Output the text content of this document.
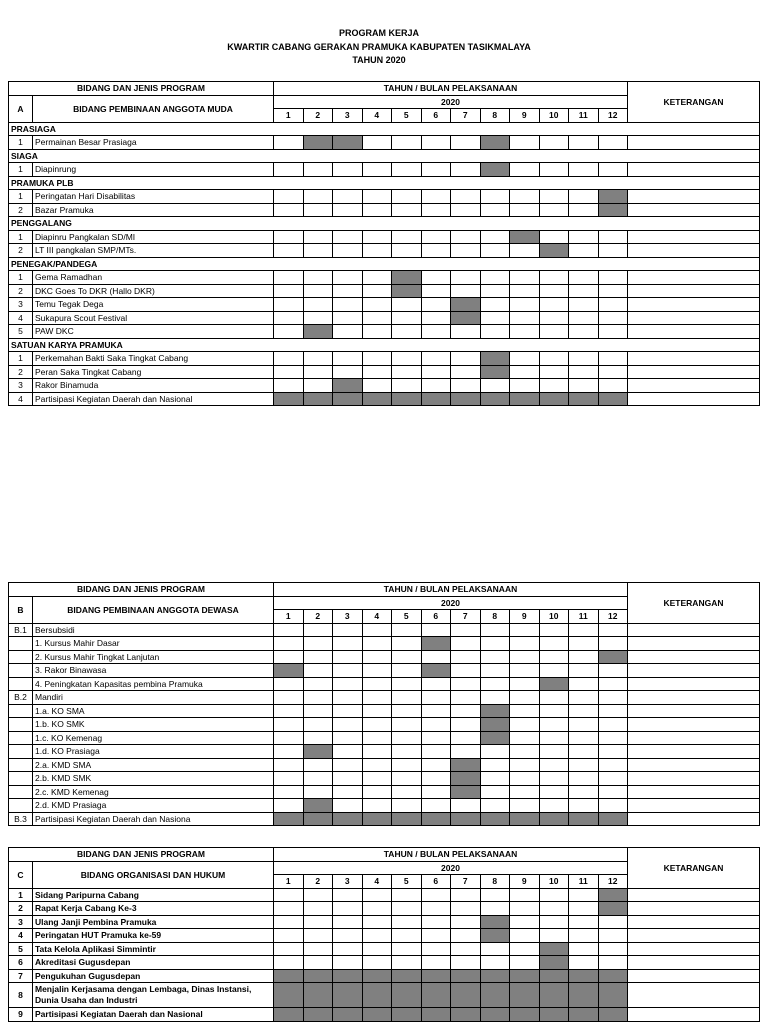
PROGRAM KERJA
KWARTIR CABANG GERAKAN PRAMUKA KABUPATEN TASIKMALAYA
TAHUN 2020
BIDANG DAN JENIS PROGRAM		TAHUN / BULAN PELAKSANAAN												KETERANGAN
A	BIDANG PEMBINAAN ANGGOTA MUDA	2020												
		1	2	3	4	5	6	7	8	9	10	11	12	
PRASIAGA														
1	Permainan Besar Prasiaga													
SIAGA														
1	Diapinrung													
PRAMUKA PLB														
1	Peringatan Hari Disabilitas													
2	Bazar Pramuka													
PENGGALANG														
1	Diapinru Pangkalan SD/MI													
2	LT III pangkalan SMP/MTs.													
PENEGAK/PANDEGA														
1	Gema Ramadhan													
2	DKC Goes To DKR (Hallo DKR)													
3	Temu Tegak Dega													
4	Sukapura Scout Festival													
5	PAW DKC													
SATUAN KARYA PRAMUKA														
1	Perkemahan Bakti Saka Tingkat Cabang													
2	Peran Saka Tingkat Cabang													
3	Rakor Binamuda													
4	Partisipasi Kegiatan Daerah dan Nasional													
BIDANG DAN JENIS PROGRAM		TAHUN / BULAN PELAKSANAAN												KETERANGAN
B	BIDANG PEMBINAAN ANGGOTA DEWASA	2020												
		1	2	3	4	5	6	7	8	9	10	11	12	
B.1	Bersubsidi													
	1. Kursus Mahir Dasar													
	2. Kursus Mahir Tingkat Lanjutan													
	3. Rakor Binawasa													
	4. Peningkatan Kapasitas pembina Pramuka													
B.2	Mandiri													
	1.a. KO SMA													
	1.b. KO SMK													
	1.c. KO Kemenag													
	1.d. KO Prasiaga													
	2.a. KMD SMA													
	2.b. KMD SMK													
	2.c. KMD Kemenag													
	2.d. KMD Prasiaga													
B.3	Partisipasi Kegiatan Daerah dan Nasiona													
BIDANG DAN JENIS PROGRAM		TAHUN / BULAN PELAKSANAAN												KETARANGAN
C	BIDANG ORGANISASI DAN HUKUM	2020												
		1	2	3	4	5	6	7	8	9	10	11	12	
1	Sidang Paripurna Cabang													
2	Rapat Kerja Cabang Ke-3													
3	Ulang Janji Pembina Pramuka													
4	Peringatan HUT Pramuka ke-59													
5	Tata Kelola Aplikasi Simmintir													
6	Akreditasi Gugusdepan													
7	Pengukuhan Gugusdepan													
8	Menjalin Kerjasama dengan Lembaga, Dinas Instansi, Dunia Usaha dan Industri													
9	Partisipasi Kegiatan Daerah dan Nasional													
